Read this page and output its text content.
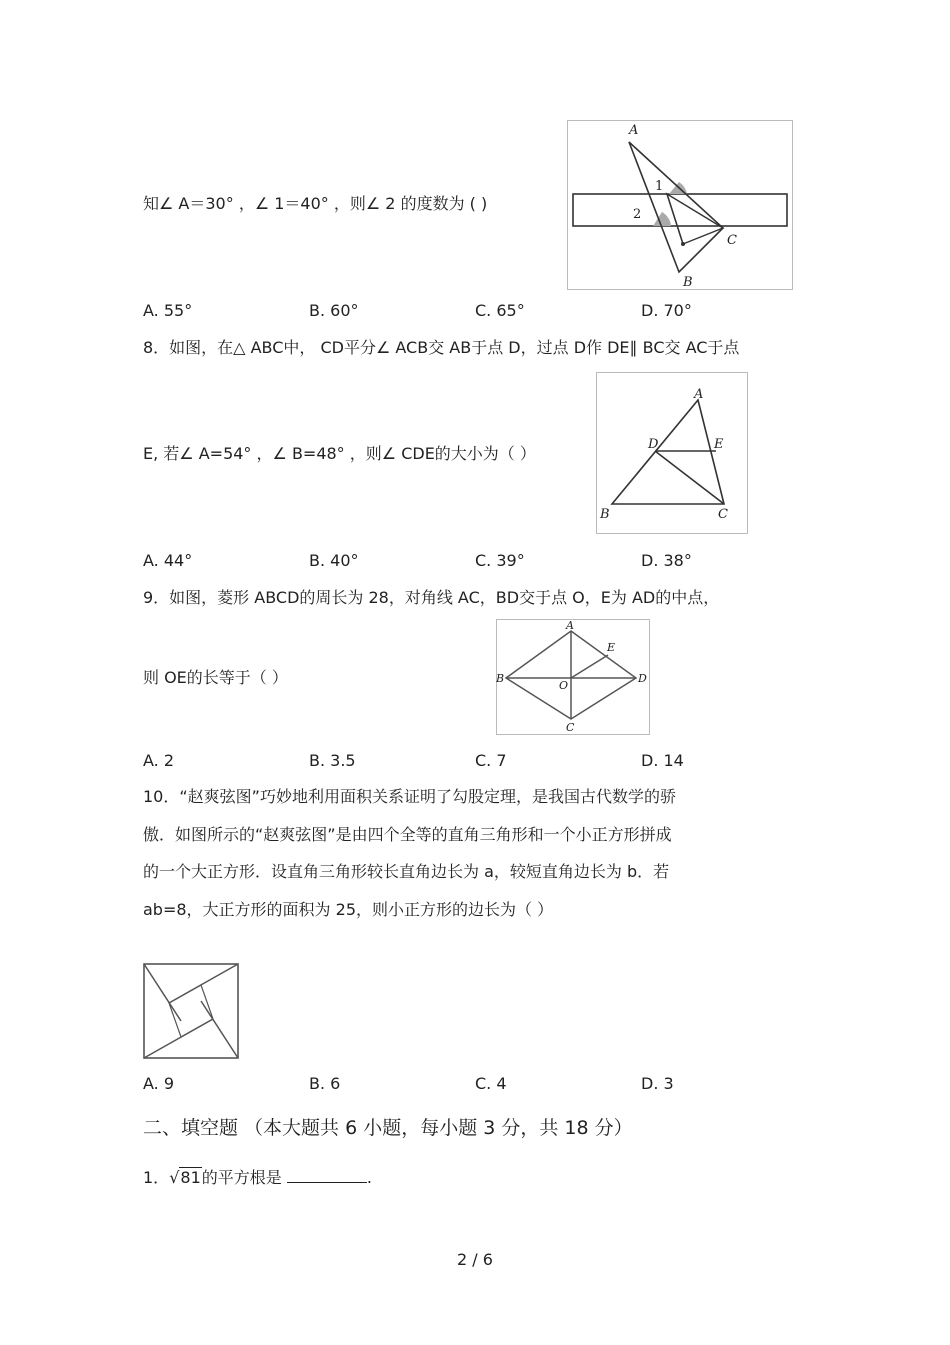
知∠ A＝30° ，∠ 1＝40° ，则∠ 2 的度数为 ( )
A
C
B
1
2
A. 55°	B. 60°	C. 65°	D. 70°
8．如图，在△ ABC中， CD平分∠ ACB交 AB于点 D，过点 D作 DE∥ BC交 AC于点
E, 若∠ A=54° ，∠ B=48° ，则∠ CDE的大小为（ ）
A
D	E
B	C
A. 44°	B. 40°	C. 39°	D. 38°
9．如图，菱形 ABCD的周长为 28，对角线 AC，BD交于点 O，E为 AD的中点，
则 OE的长等于（ ）
A
E
B
O
D
C
A. 2	B. 3.5	C. 7	D. 14
10．“赵爽弦图”巧妙地利用面积关系证明了勾股定理，是我国古代数学的骄
傲．如图所示的“赵爽弦图”是由四个全等的直角三角形和一个小正方形拼成
的一个大正方形．设直角三角形较长直角边长为 a，较短直角边长为 b．若
ab=8，大正方形的面积为 25，则小正方形的边长为（ ）
A. 9	B. 6	C. 4	D. 3
二、填空题 （本大题共 6 小题，每小题 3 分，共 18 分）
1．√81的平方根是	.
2 / 6
